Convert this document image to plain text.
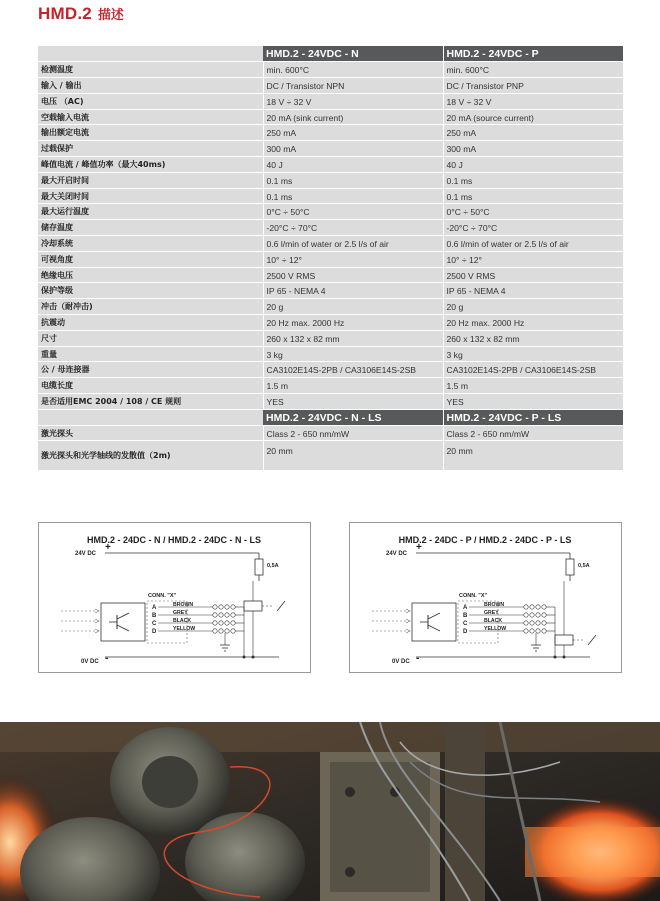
HMD.2 描述
	HMD.2 - 24VDC - N	HMD.2 - 24VDC - P
检测温度	min. 600°C	min. 600°C
输入 / 输出	DC / Transistor NPN	DC / Transistor PNP
电压 （AC)	18 V ÷ 32 V	18 V ÷ 32 V
空载输入电流	20 mA (sink current)	20 mA (source current)
输出额定电流	250 mA	250 mA
过载保护	300 mA	300 mA
峰值电流 / 峰值功率（最大40ms)	40 J	40 J
最大开启时间	0.1 ms	0.1 ms
最大关闭时间	0.1 ms	0.1 ms
最大运行温度	0°C ÷ 50°C	0°C ÷ 50°C
储存温度	-20°C ÷ 70°C	-20°C ÷ 70°C
冷却系统	0.6 l/min of water or 2.5 l/s of air	0.6 l/min of water or 2.5 l/s of air
可视角度	10° ÷ 12°	10° ÷ 12°
绝缘电压	2500 V RMS	2500 V RMS
保护等级	IP 65 - NEMA 4	IP 65 - NEMA 4
冲击（耐冲击)	20 g	20 g
抗震动	20 Hz max. 2000 Hz	20 Hz max. 2000 Hz
尺寸	260 x 132 x 82 mm	260 x 132 x 82 mm
重量	3 kg	3 kg
公 / 母连接器	CA3102E14S-2PB / CA3106E14S-2SB	CA3102E14S-2PB / CA3106E14S-2SB
电缆长度	1.5 m	1.5 m
是否适用EMC 2004 / 108 / CE 规则	YES	YES
	HMD.2 - 24VDC - N - LS	HMD.2 - 24VDC - P - LS
激光探头	Class 2 - 650 nm/mW	Class 2 - 650 nm/mW
激光探头和光学轴线的发散值（2m)	20 mm	20 mm
HMD.2 - 24DC - N / HMD.2 - 24DC - N - LS
+
24V DC
0V DC -
0,5A
CONN. "X"
A	BROWN
B	GREY
C	BLACK
D	YELLOW
HMD.2 - 24DC - P / HMD.2 - 24DC - P - LS
+
24V DC
0V DC -
0,5A
CONN. "X"
A	BROWN
B	GREY
C	BLACK
D	YELLOW
